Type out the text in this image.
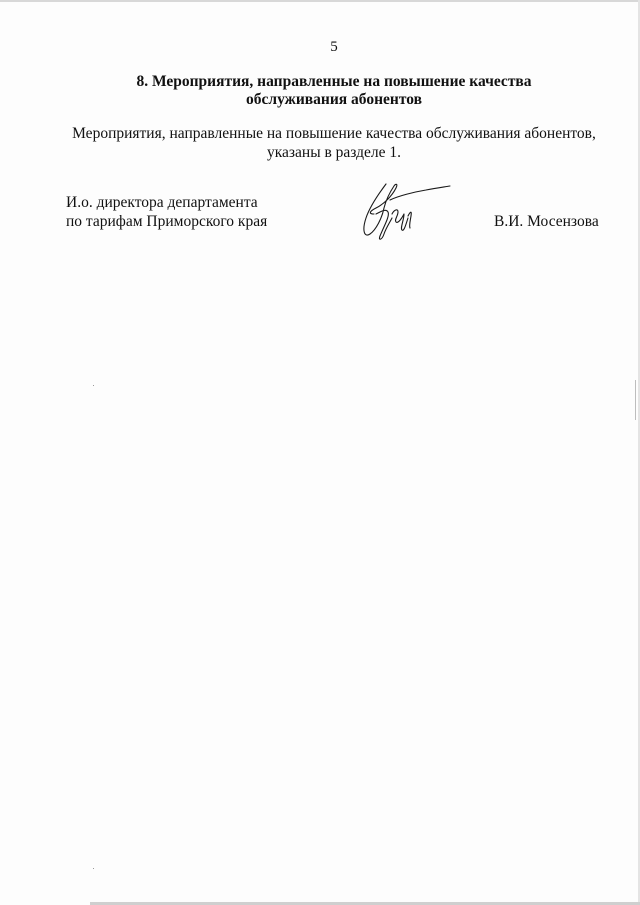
5
8. Мероприятия, направленные на повышение качества
обслуживания абонентов
Мероприятия, направленные на повышение качества обслуживания абонентов,
указаны в разделе 1.
И.о. директора департамента
по тарифам Приморского края	В.И. Мосензова
